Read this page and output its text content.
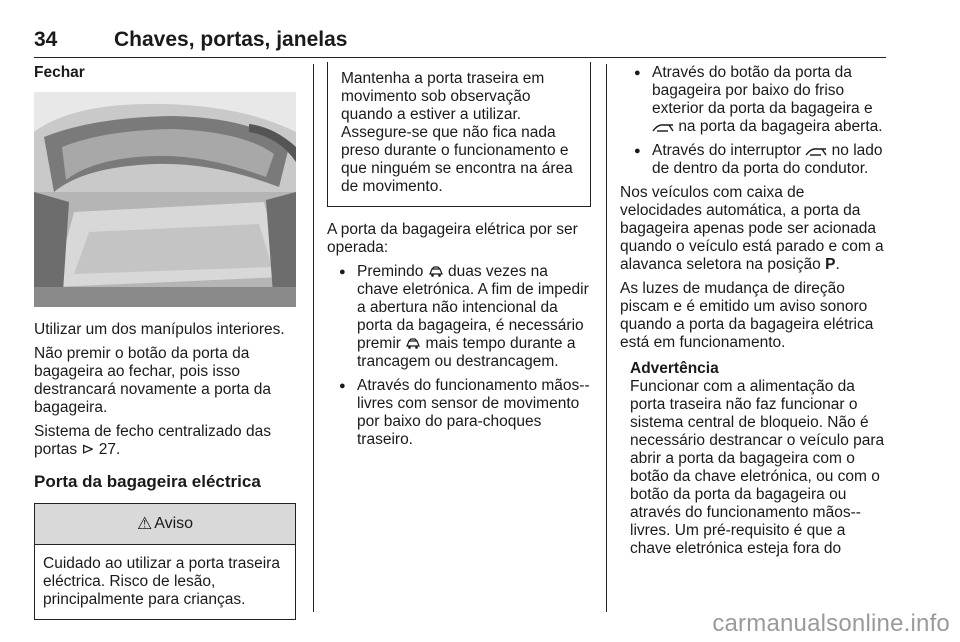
34	Chaves, portas, janelas
Fechar

Utilizar um dos manípulos interiores.

Não premir o botão da porta da bagageira ao fechar, pois isso destrancará novamente a porta da bagageira.

Sistema de fecho centralizado das portas ⊳ 27.

Porta da bagageira eléctrica
⚠ Aviso
Cuidado ao utilizar a porta traseira eléctrica. Risco de lesão, principalmente para crianças.
Mantenha a porta traseira em movimento sob observação quando a estiver a utilizar. Assegure-se que não fica nada preso durante o funcionamento e que ninguém se encontra na área de movimento.

A porta da bagageira elétrica por ser operada:

● Premindo duas vezes na chave eletrónica. A fim de impedir a abertura não intencional da porta da bagageira, é necessário premir mais tempo durante a trancagem ou destrancagem.
● Através do funcionamento mãos--livres com sensor de movimento por baixo do para-choques traseiro.
● Através do botão da porta da bagageira por baixo do friso exterior da porta da bagageira e  na porta da bagageira aberta.
● Através do interruptor no lado de dentro da porta do condutor.

Nos veículos com caixa de velocidades automática, a porta da bagageira apenas pode ser acionada quando o veículo está parado e com a alavanca seletora na posição P.

As luzes de mudança de direção piscam e é emitido um aviso sonoro quando a porta da bagageira elétrica está em funcionamento.

Advertência
Funcionar com a alimentação da porta traseira não faz funcionar o sistema central de bloqueio. Não é necessário destrancar o veículo para abrir a porta da bagageira com o botão da chave eletrónica, ou com o botão da porta da bagageira ou através do funcionamento mãos--livres. Um pré-requisito é que a chave eletrónica esteja fora do
carmanualsonline.info
